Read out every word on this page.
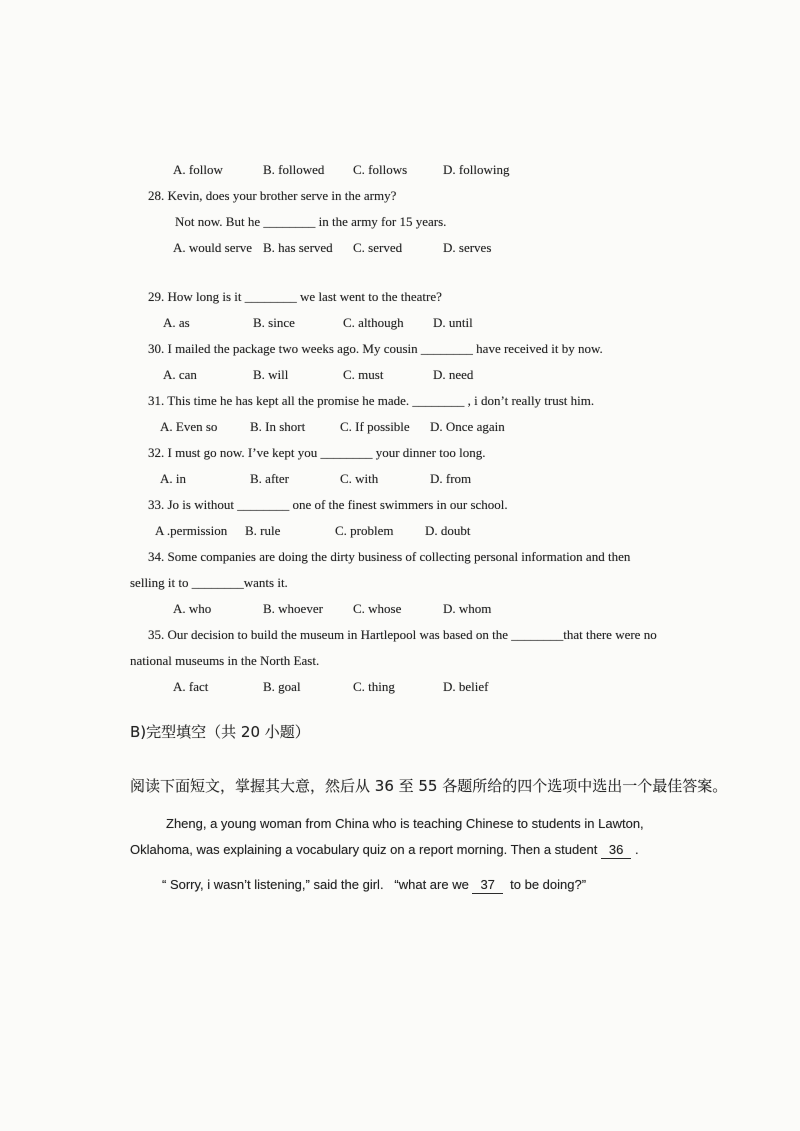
A. follow	B. followed C. follows	D. following

28. Kevin, does your brother serve in the army?

Not now. But he ________ in the army for 15 years.

A. would serve B. has served C. served	D. serves

29. How long is it ________ we last went to the theatre?

A. as	B. since	C. although D. until

30. I mailed the package two weeks ago. My cousin ________ have received it by now.

A. can	B. will	C. must	D. need

31. This time he has kept all the promise he made. ________ , i don’t really trust him.

A. Even so	B. In short	C. If possible D. Once again

32. I must go now. I’ve kept you ________ your dinner too long.

A. in	B. after	C. with	D. from

33. Jo is without ________ one of the finest swimmers in our school.

A .permission B. rule	C. problem D. doubt

34. Some companies are doing the dirty business of collecting personal information and then

selling it to ________wants it.

A. who	B. whoever C. whose	D. whom

35. Our decision to build the museum in Hartlepool was based on the ________that there were no

national museums in the North East.

A. fact	B. goal	C. thing	D. belief

B)完型填空（共 20 小题）

阅读下面短文，掌握其大意，然后从 36 至 55 各题所给的四个选项中选出一个最佳答案。

Zheng, a young woman from China who is teaching Chinese to students in Lawton,

Oklahoma, was explaining a vocabulary quiz on a report morning. Then a student 36 .

“ Sorry, i wasn’t listening,” said the girl.   “what are we 37  to be doing?”
